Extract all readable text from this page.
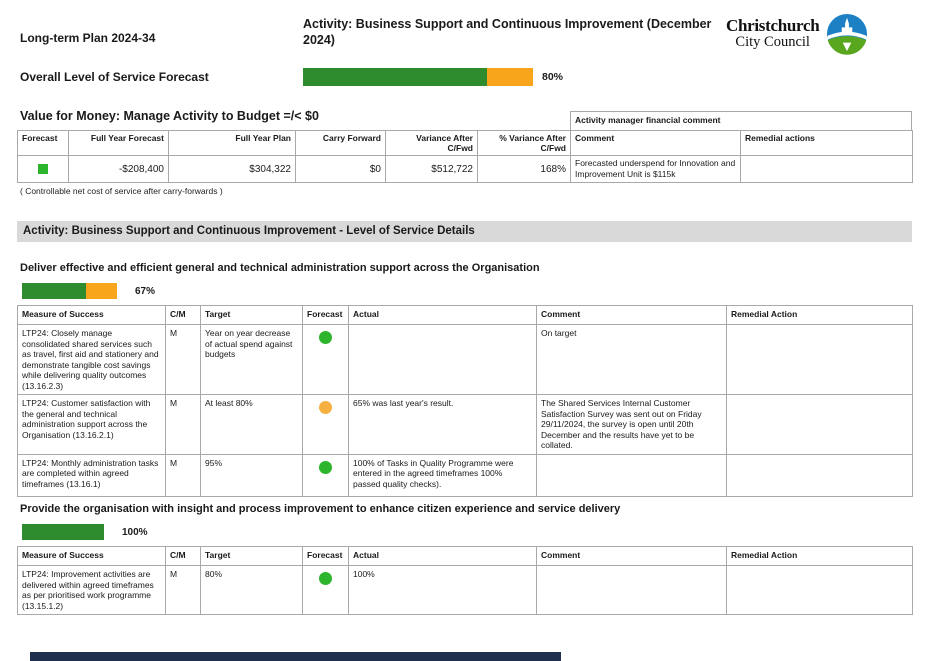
Long-term Plan 2024-34
Activity: Business Support and Continuous Improvement (December 2024)
Christchurch
City Council
Overall Level of Service Forecast	80%
Value for Money: Manage Activity to Budget =/< $0	Activity manager financial comment
Forecast	Full Year Forecast	Full Year Plan	Carry Forward	Variance After C/Fwd	% Variance After C/Fwd	Comment	Remedial actions

	-$208,400	$304,322	$0	$512,722	168%	Forecasted underspend for Innovation and Improvement Unit is $115k	
( Controllable net cost of service after carry-forwards )
Activity: Business Support and Continuous Improvement - Level of Service Details
Deliver effective and efficient general and technical administration support across the Organisation
67%
Measure of Success	C/M	Target	Forecast	Actual	Comment	Remedial Action
LTP24: Closely manage consolidated shared services such as travel, first aid and stationery and demonstrate tangible cost savings while delivering quality outcomes (13.16.2.3)	M	Year on year decrease of actual spend against budgets			On target	
LTP24: Customer satisfaction with the general and technical administration support across the Organisation (13.16.2.1)	M	At least 80%		65% was last year's result.	The Shared Services Internal Customer Satisfaction Survey was sent out on Friday 29/11/2024, the survey is open until 20th December and the results have yet to be collated.	
LTP24: Monthly administration tasks are completed within agreed timeframes (13.16.1)	M	95%		100% of Tasks in Quality Programme were entered in the agreed timeframes 100% passed quality checks).		
Provide the organisation with insight and process improvement to enhance citizen experience and service delivery
100%
Measure of Success	C/M	Target	Forecast	Actual	Comment	Remedial Action
LTP24: Improvement activities are delivered within agreed timeframes as per prioritised work programme (13.15.1.2)	M	80%		100%		
